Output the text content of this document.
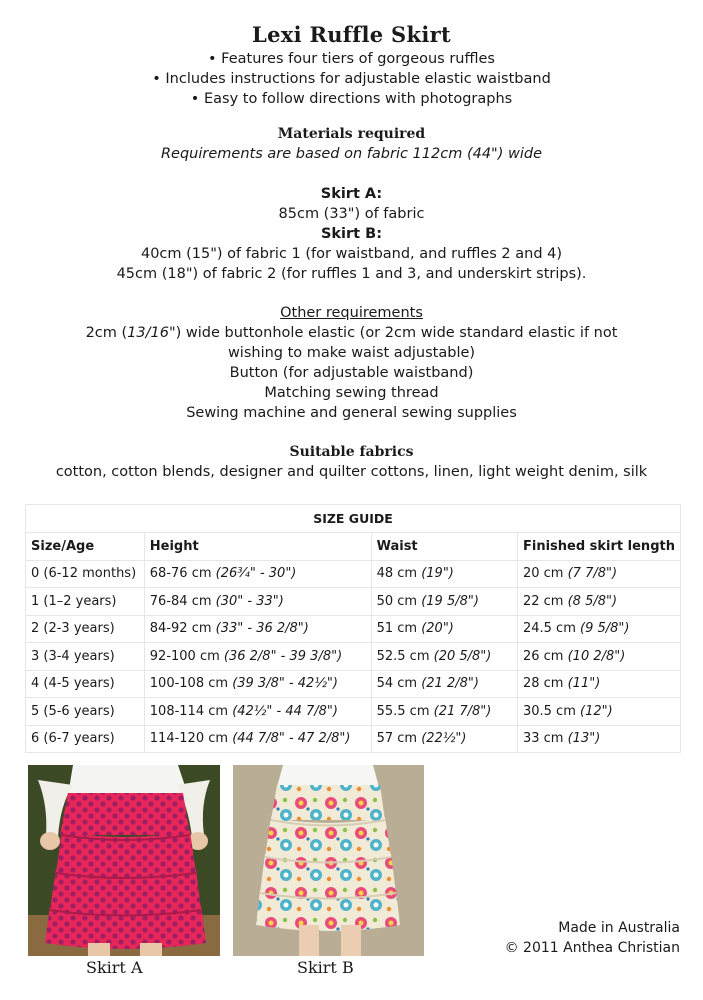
Lexi Ruffle Skirt
• Features four tiers of gorgeous ruffles
• Includes instructions for adjustable elastic waistband
• Easy to follow directions with photographs
Materials required
Requirements are based on fabric 112cm (44") wide
Skirt A:
85cm (33") of fabric
Skirt B:
40cm (15") of fabric 1 (for waistband, and ruffles 2 and 4)
45cm (18") of fabric 2 (for ruffles 1 and 3, and underskirt strips).
Other requirements
2cm (13/16") wide buttonhole elastic (or 2cm wide standard elastic if not
wishing to make waist adjustable)
Button (for adjustable waistband)
Matching sewing thread
Sewing machine and general sewing supplies
Suitable fabrics
cotton, cotton blends, designer and quilter cottons, linen, light weight denim, silk
SIZE GUIDE			
Size/Age	Height	Waist	Finished skirt length
0 (6-12 months)	68-76 cm (26¾" - 30")	48 cm (19")	20 cm (7 7/8")
1 (1–2 years)	76-84 cm (30" - 33")	50 cm (19 5/8")	22 cm (8 5/8")
2 (2-3 years)	84-92 cm (33" - 36 2/8")	51 cm (20")	24.5 cm (9 5/8")
3 (3-4 years)	92-100 cm (36 2/8" - 39 3/8")	52.5 cm (20 5/8")	26 cm (10 2/8")
4 (4-5 years)	100-108 cm (39 3/8" - 42½")	54 cm (21 2/8")	28 cm (11")
5 (5-6 years)	108-114 cm (42½" - 44 7/8")	55.5 cm (21 7/8")	30.5 cm (12")
6 (6-7 years)	114-120 cm (44 7/8" - 47 2/8")	57 cm (22½")	33 cm (13")
Skirt A	Skirt B
Made in Australia
© 2011 Anthea Christian
